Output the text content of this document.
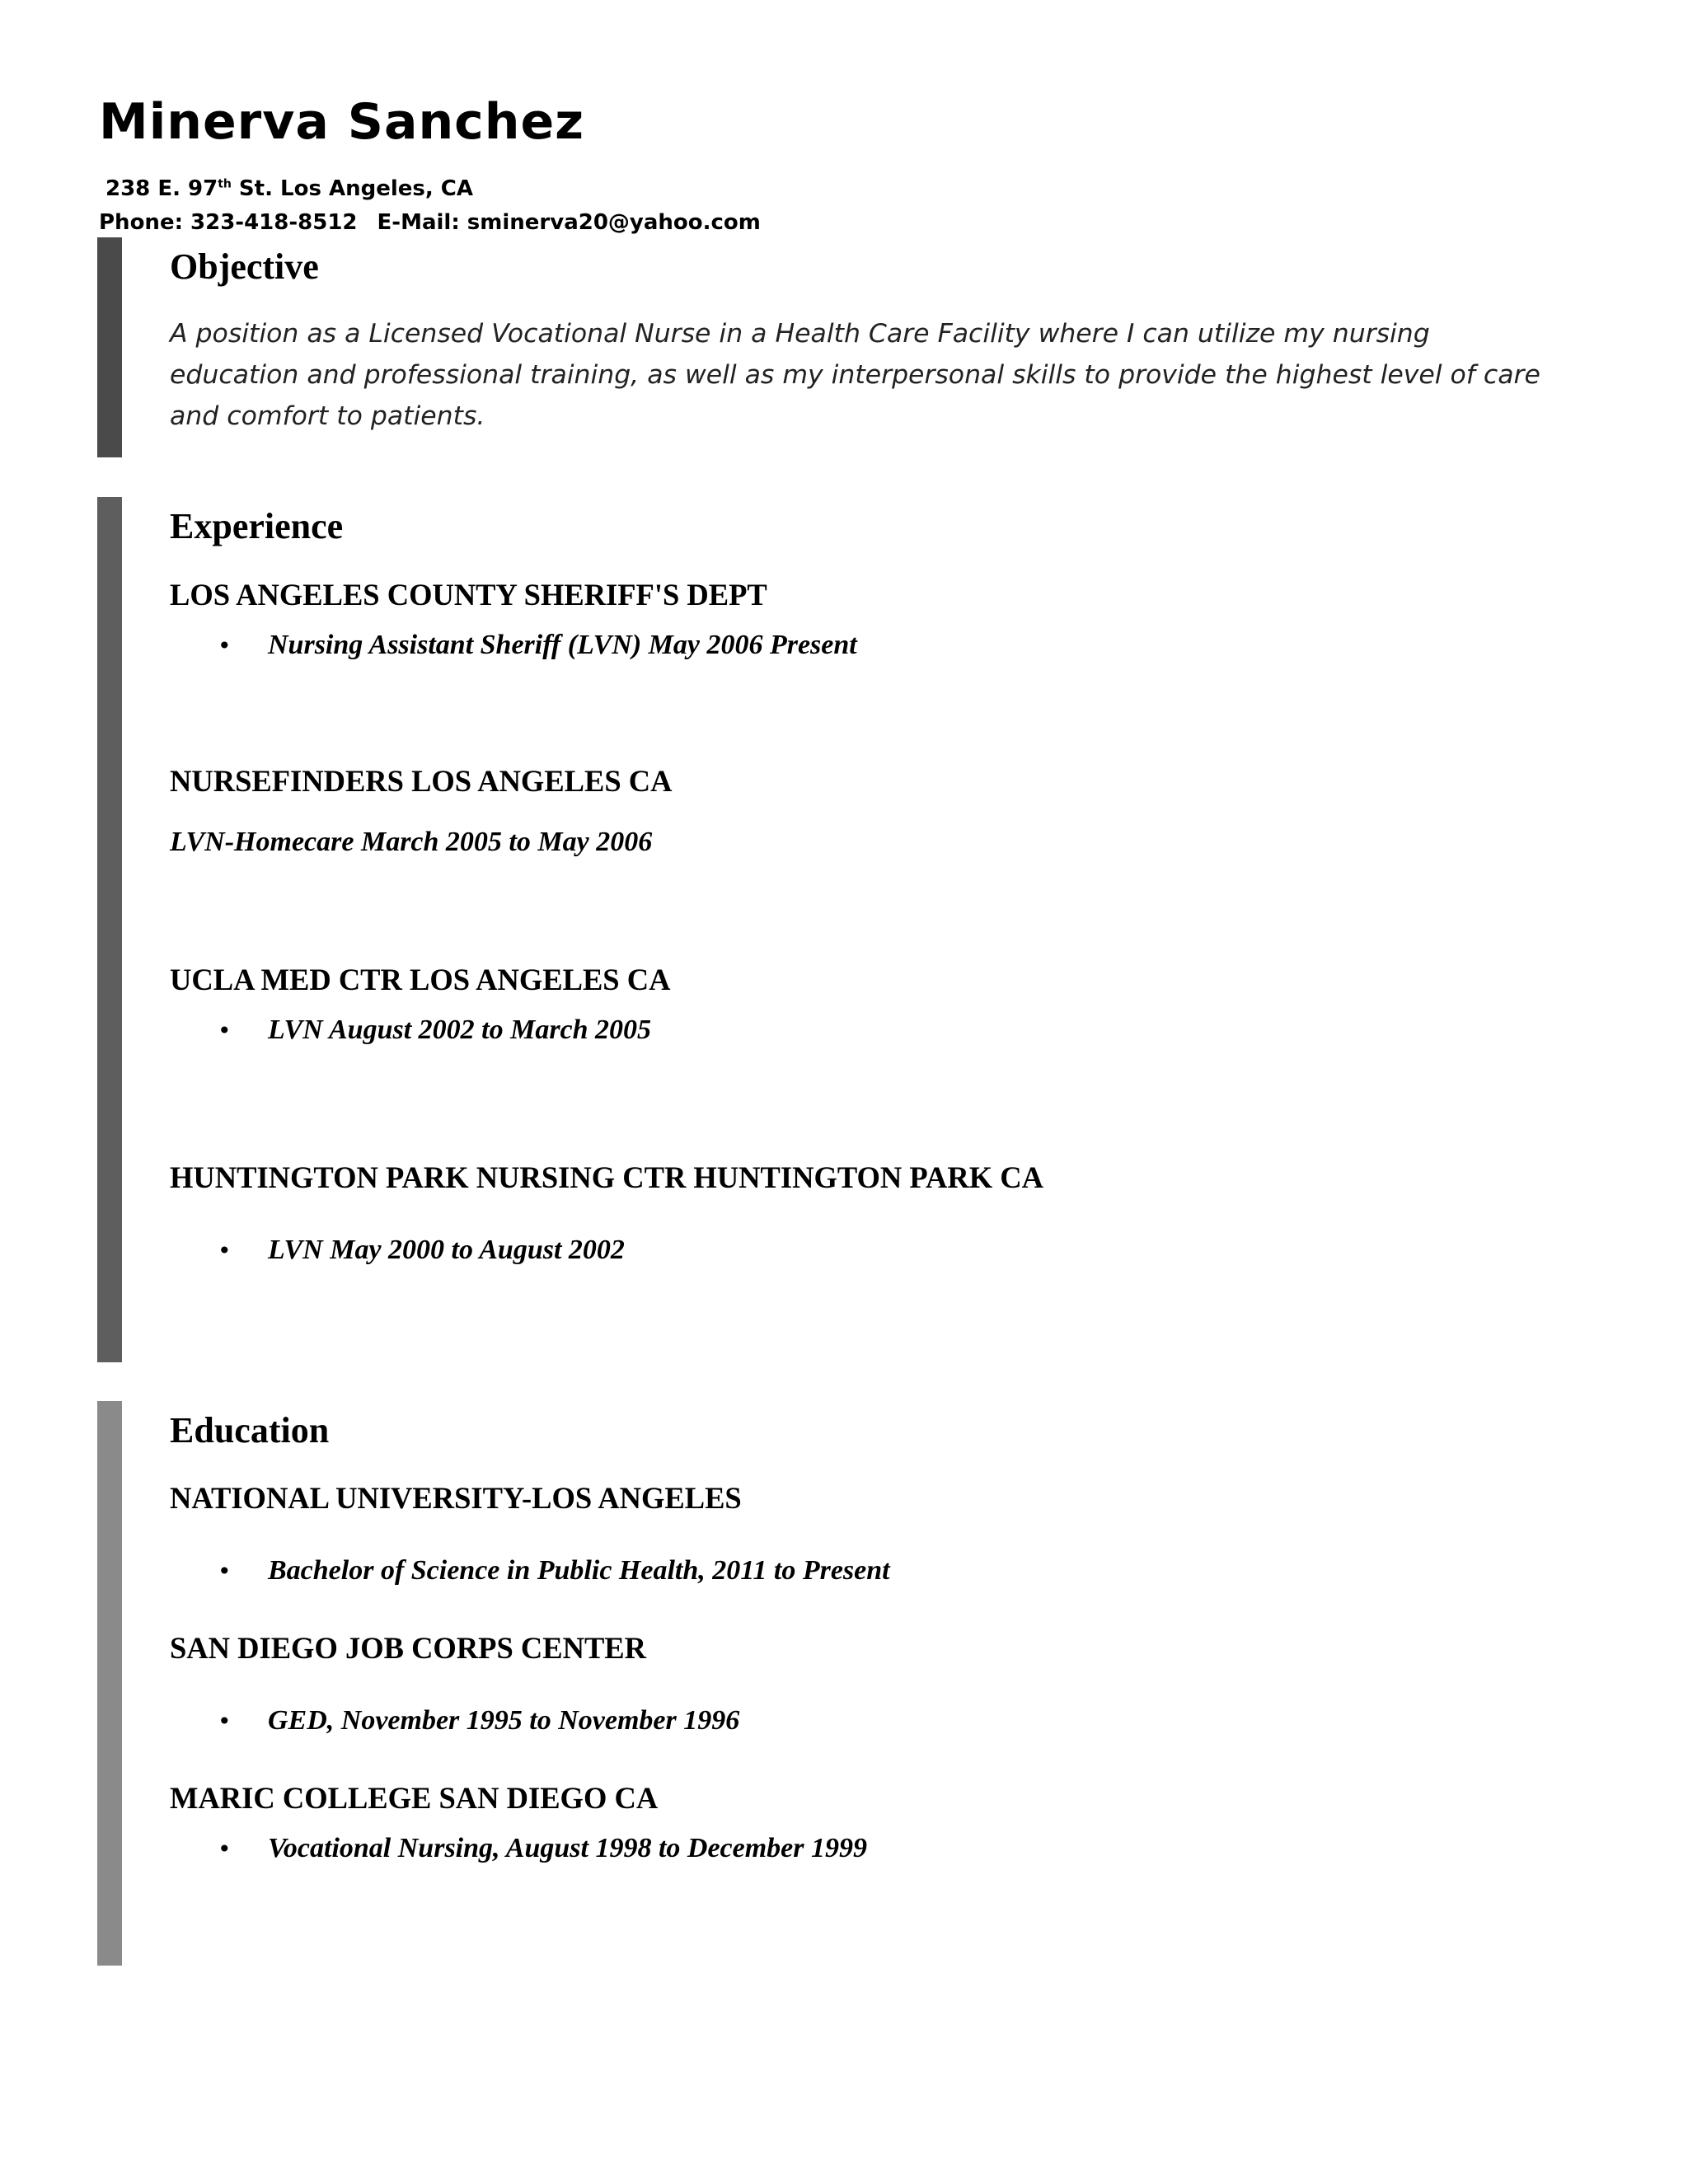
Minerva Sanchez
238 E. 97th St. Los Angeles, CA
Phone: 323-418-8512 E-Mail: sminerva20@yahoo.com
Objective
A position as a Licensed Vocational Nurse in a Health Care Facility where I can utilize my nursing education and professional training, as well as my interpersonal skills to provide the highest level of care and comfort to patients.
Experience
LOS ANGELES COUNTY SHERIFF'S DEPT
• Nursing Assistant Sheriff (LVN) May 2006 Present
NURSEFINDERS LOS ANGELES CA
LVN-Homecare March 2005 to May 2006
UCLA MED CTR LOS ANGELES CA
• LVN August 2002 to March 2005
HUNTINGTON PARK NURSING CTR HUNTINGTON PARK CA
• LVN May 2000 to August 2002
Education
NATIONAL UNIVERSITY-LOS ANGELES
• Bachelor of Science in Public Health, 2011 to Present
SAN DIEGO JOB CORPS CENTER
• GED, November 1995 to November 1996
MARIC COLLEGE SAN DIEGO CA
• Vocational Nursing, August 1998 to December 1999
